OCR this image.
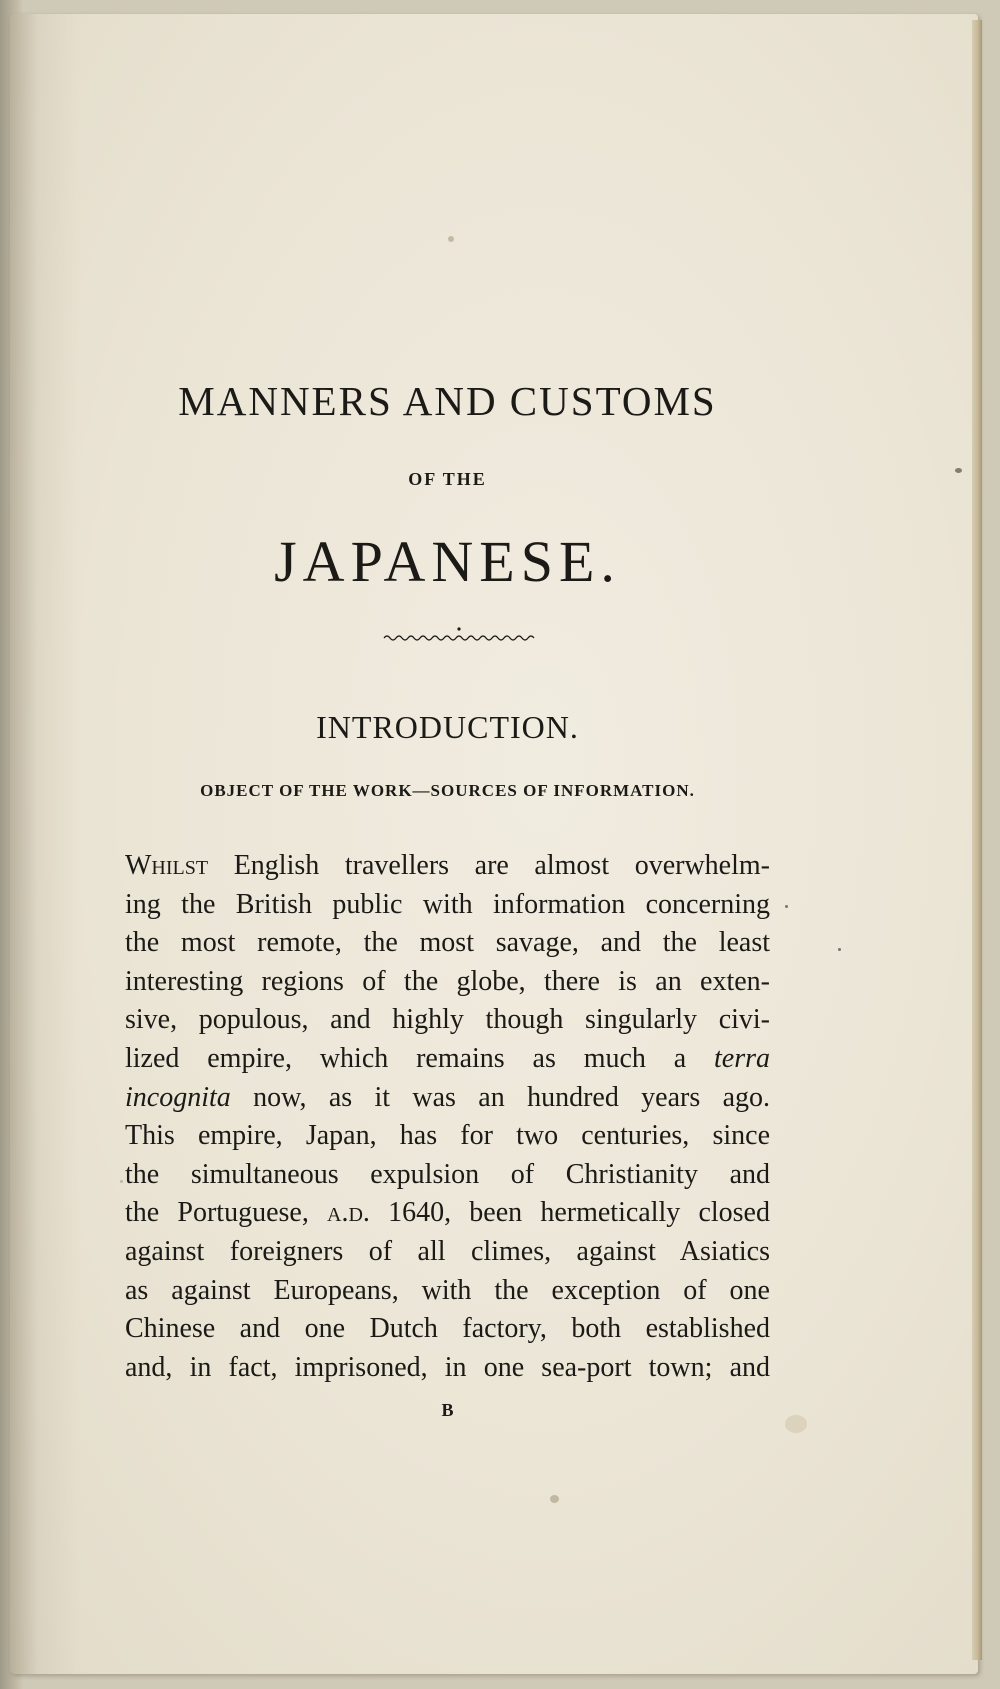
MANNERS AND CUSTOMS
OF THE
JAPANESE.
INTRODUCTION.
OBJECT OF THE WORK—SOURCES OF INFORMATION.
Whilst English travellers are almost overwhelm-
ing the British public with information concerning
the most remote, the most savage, and the least
interesting regions of the globe, there is an exten-
sive, populous, and highly though singularly civi-
lized empire, which remains as much a terra
incognita now, as it was an hundred years ago.
This empire, Japan, has for two centuries, since
the simultaneous expulsion of Christianity and
the Portuguese, a.d. 1640, been hermetically closed
against foreigners of all climes, against Asiatics
as against Europeans, with the exception of one
Chinese and one Dutch factory, both established
and, in fact, imprisoned, in one sea-port town; and
B
